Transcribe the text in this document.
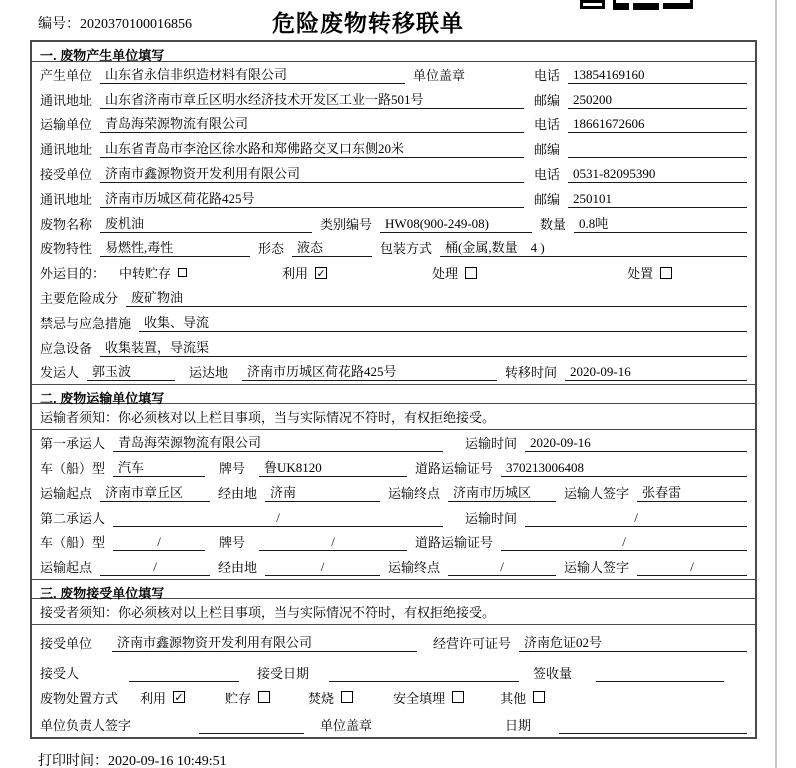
编号：2020370100016856	危险废物转移联单
一. 废物产生单位填写
产生单位	山东省永信非织造材料有限公司	单位盖章	电话	13854169160
通讯地址	山东省济南市章丘区明水经济技术开发区工业一路501号	邮编	250200
运输单位	青岛海荣源物流有限公司	电话	18661672606
通讯地址	山东省青岛市李沧区徐水路和郑佛路交叉口东侧20米	邮编
接受单位	济南市鑫源物资开发利用有限公司	电话	0531-82095390
通讯地址	济南市历城区荷花路425号	邮编	250101
废物名称	废机油	类别编号	HW08(900-249-08)	数量	0.8吨
废物特性	易燃性,毒性	形态	液态	包装方式	桶(金属,数量　4 )
外运目的： 中转贮存	利用 ✓	处理	处置
主要危险成分	废矿物油
禁忌与应急措施	收集、导流
应急设备	收集装置，导流渠
发运人	郭玉波	运达地	济南市历城区荷花路425号	转移时间	2020-09-16
二. 废物运输单位填写
运输者须知： 你必须核对以上栏目事项，当与实际情况不符时，有权拒绝接受。
第一承运人	青岛海荣源物流有限公司	运输时间	2020-09-16
车（船）型	汽车	牌号	鲁UK8120	道路运输证号	370213006408
运输起点	济南市章丘区	经由地	济南	运输终点	济南市历城区	运输人签字	张春雷
第二承运人	/	运输时间	/
车（船）型	/	牌号	/	道路运输证号	/
运输起点	/	经由地	/	运输终点	/	运输人签字	/
三. 废物接受单位填写
接受者须知： 你必须核对以上栏目事项，当与实际情况不符时，有权拒绝接受。
接受单位	济南市鑫源物资开发利用有限公司	经营许可证号	济南危证02号
接受人	接受日期	签收量
废物处置方式 利用 ✓	贮存	焚烧	安全填埋	其他
单位负责人签字	单位盖章	日期
打印时间：2020-09-16 10:49:51
